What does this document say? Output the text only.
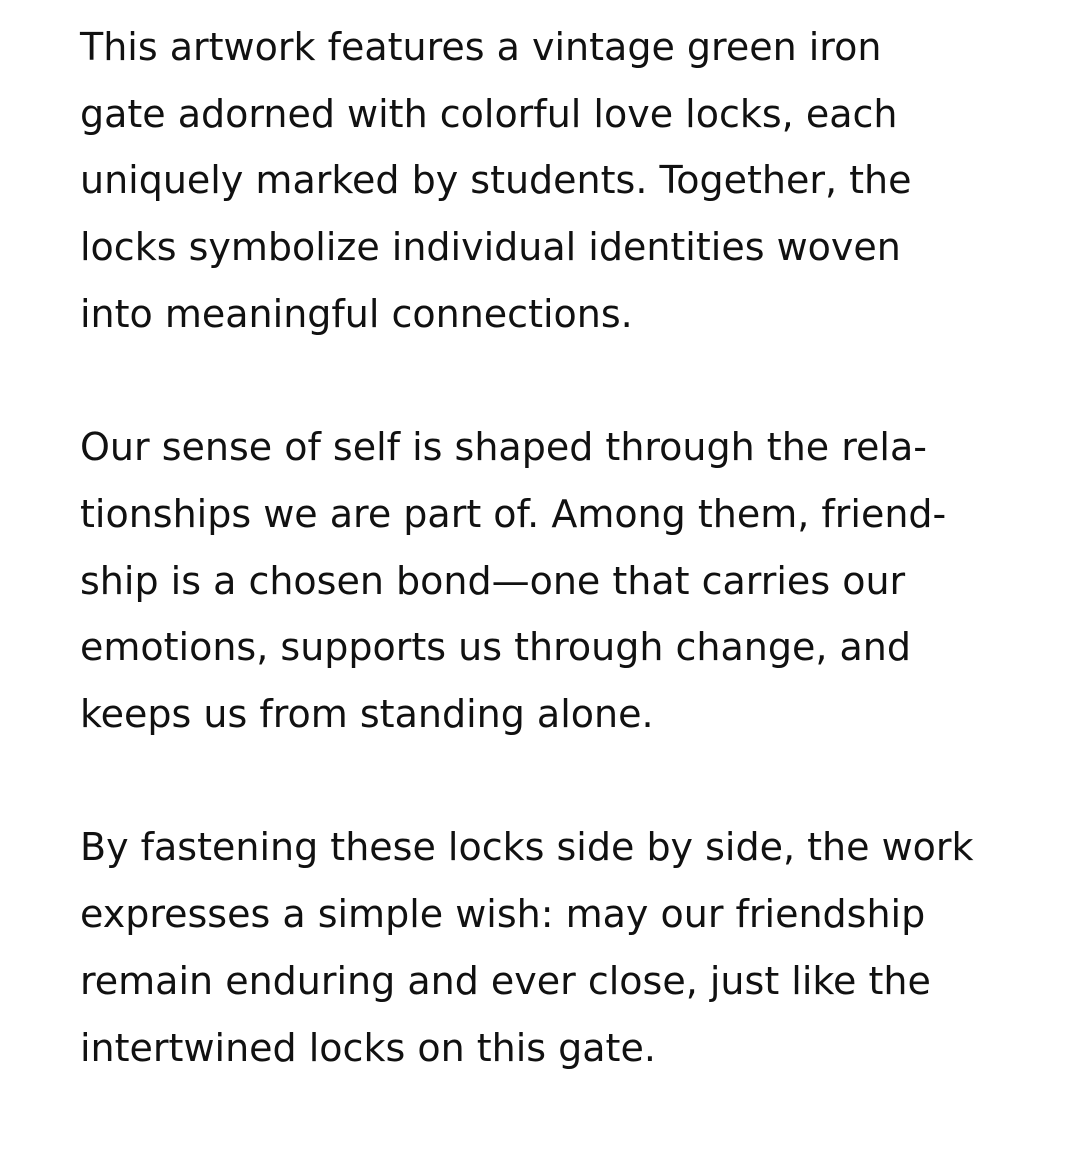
This artwork features a vintage green iron
gate adorned with colorful love locks, each
uniquely marked by students. Together, the
locks symbolize individual identities woven
into meaningful connections.

Our sense of self is shaped through the rela-
tionships we are part of. Among them, friend-
ship is a chosen bond—one that carries our
emotions, supports us through change, and
keeps us from standing alone.

By fastening these locks side by side, the work
expresses a simple wish: may our friendship
remain enduring and ever close, just like the
intertwined locks on this gate.
